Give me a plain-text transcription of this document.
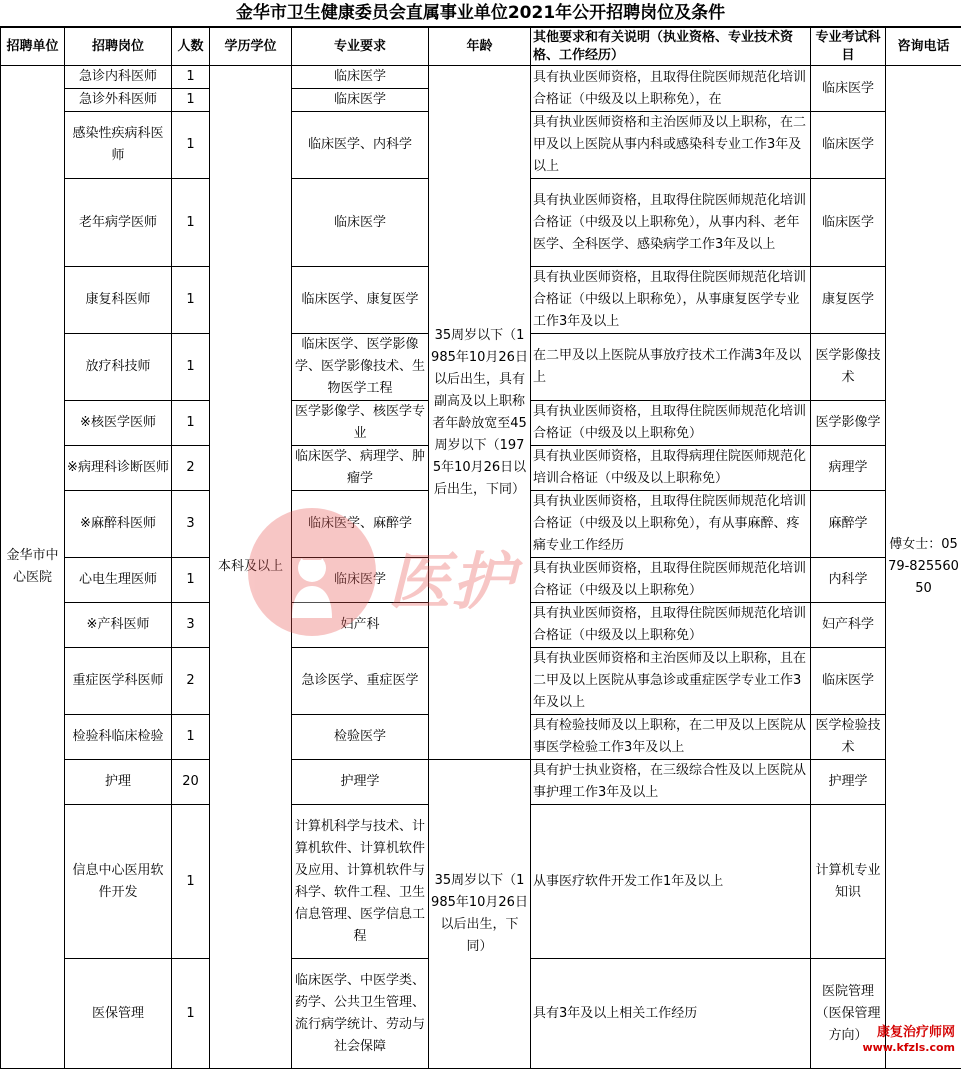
金华市卫生健康委员会直属事业单位2021年公开招聘岗位及条件
招聘单位	招聘岗位	人数	学历学位	专业要求	年龄	其他要求和有关说明（执业资格、专业技术资格、工作经历）	专业考试科目	咨询电话
金华市中心医院	急诊内科医师	1	本科及以上	临床医学	35周岁以下（1985年10月26日以后出生，具有副高及以上职称者年龄放宽至45周岁以下（1975年10月26日以后出生，下同）	具有执业医师资格，且取得住院医师规范化培训合格证（中级及以上职称免），在	临床医学	傅女士：0579-82556050
	急诊外科医师	1		临床医学				
	感染性疾病科医师	1		临床医学、内科学		具有执业医师资格和主治医师及以上职称，在二甲及以上医院从事内科或感染科专业工作3年及以上	临床医学	
	老年病学医师	1		临床医学		具有执业医师资格，且取得住院医师规范化培训合格证（中级及以上职称免），从事内科、老年医学、全科医学、感染病学工作3年及以上	临床医学	
	康复科医师	1		临床医学、康复医学		具有执业医师资格，且取得住院医师规范化培训合格证（中级以上职称免），从事康复医学专业工作3年及以上	康复医学	
	放疗科技师	1		临床医学、医学影像学、医学影像技术、生物医学工程		在二甲及以上医院从事放疗技术工作满3年及以上	医学影像技术	
	※核医学医师	1		医学影像学、核医学专业		具有执业医师资格，且取得住院医师规范化培训合格证（中级及以上职称免）	医学影像学	
	※病理科诊断医师	2		临床医学、病理学、肿瘤学		具有执业医师资格，且取得病理住院医师规范化培训合格证（中级及以上职称免）	病理学	
	※麻醉科医师	3		临床医学、麻醉学		具有执业医师资格，且取得住院医师规范化培训合格证（中级及以上职称免），有从事麻醉、疼痛专业工作经历	麻醉学	
	心电生理医师	1		临床医学		具有执业医师资格，且取得住院医师规范化培训合格证（中级及以上职称免）	内科学	
	※产科医师	3		妇产科		具有执业医师资格，且取得住院医师规范化培训合格证（中级及以上职称免）	妇产科学	
	重症医学科医师	2		急诊医学、重症医学		具有执业医师资格和主治医师及以上职称，且在二甲及以上医院从事急诊或重症医学专业工作3年及以上	临床医学	
	检验科临床检验	1		检验医学		具有检验技师及以上职称，在二甲及以上医院从事医学检验工作3年及以上	医学检验技术	
	护理	20		护理学	35周岁以下（1985年10月26日以后出生，下同）	具有护士执业资格，在三级综合性及以上医院从事护理工作3年及以上	护理学	
	信息中心医用软件开发	1		计算机科学与技术、计算机软件、计算机软件及应用、计算机软件与科学、软件工程、卫生信息管理、医学信息工程		从事医疗软件开发工作1年及以上	计算机专业知识	
	医保管理	1		临床医学、中医学类、药学、公共卫生管理、流行病学统计、劳动与社会保障		具有3年及以上相关工作经历	医院管理（医保管理方向）	
医护
康复治疗师网
www.kfzls.com
